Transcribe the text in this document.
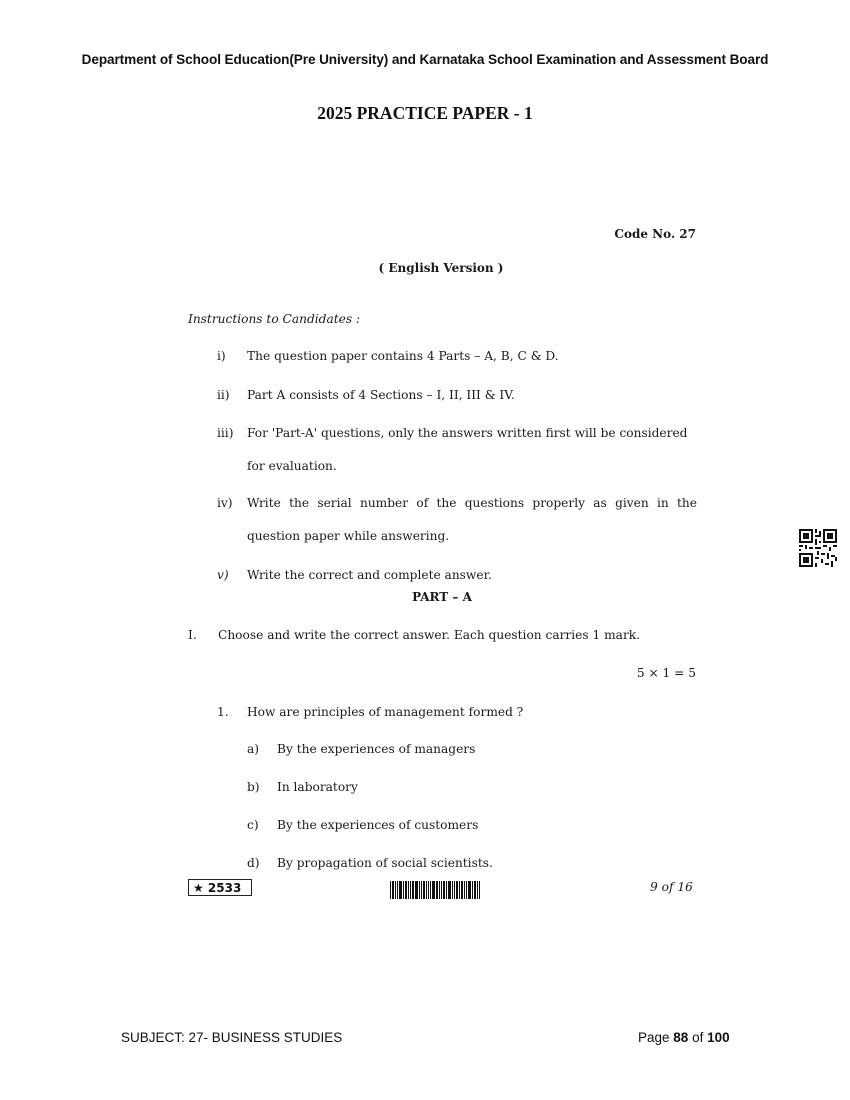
Department of School Education(Pre University) and Karnataka School Examination and Assessment Board
2025 PRACTICE PAPER - 1
Code No. 27
( English Version )
Instructions to Candidates :
i)	The question paper contains 4 Parts – A, B, C & D.
ii)	Part A consists of 4 Sections – I, II, III & IV.
iii)	For 'Part-A' questions, only the answers written first will be considered
for evaluation.
iv)	Write the serial number of the questions properly as given in the
question paper while answering.
v)	Write the correct and complete answer.
PART – A
I.	Choose and write the correct answer. Each question carries 1 mark.
5 × 1 = 5
1.	How are principles of management formed ?
a)	By the experiences of managers
b)	In laboratory
c)	By the experiences of customers
d)	By propagation of social scientists.
★ 2533	9 of 16
SUBJECT: 27- BUSINESS STUDIES	Page 88 of 100
